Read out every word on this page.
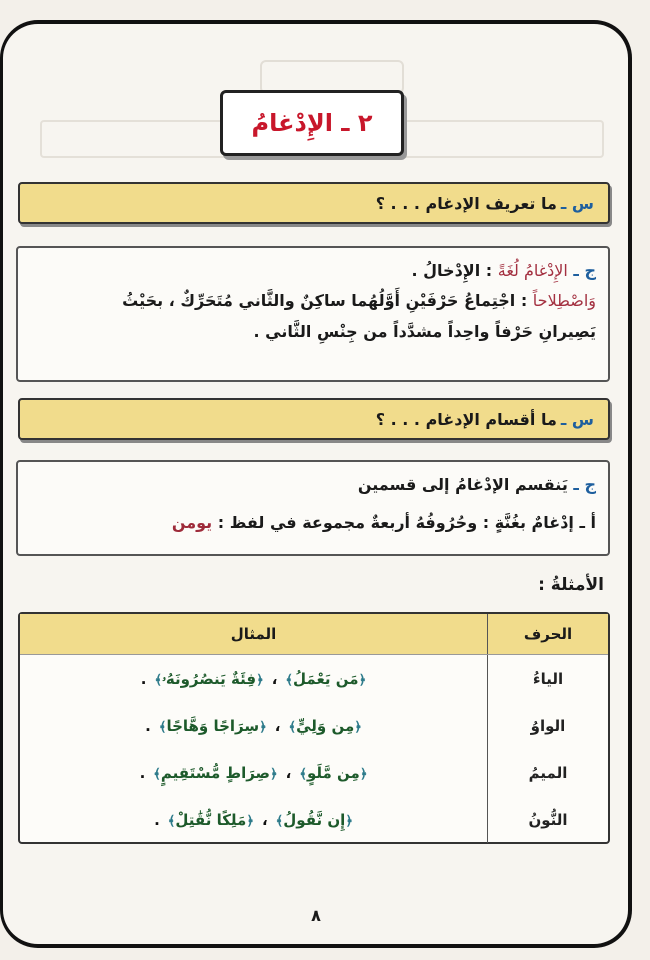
٢ ـ الإِدْغامُ
س ـ
ما تعريف الإدغام . . . ؟
ج ـ الإِدْغامُ لُغَةً : الإِدْخالُ .
وَاصْطِلاحاً : اجْتِماعُ حَرْفَيْنِ أَوَّلُهُما ساكِنٌ والثَّاني مُتَحَرِّكٌ ، بحَيْثُ
يَصِيرانِ حَرْفاً واحِداً مشدَّداً من جِنْسِ الثَّاني .
س ـ
ما أقسام الإدغام . . . ؟
ج ـ يَنقسم الإدْغامُ إلى قسمين
أ ـ إدْغامٌ بغُنَّةٍ : وحُرُوفُهُ أربعةٌ مجموعة في لفظ : يومن
الأمثلةُ :
الحرف
المثال
الياءُ
﴿مَن يَعْمَلُ﴾
،
﴿فِئَةٌ يَنصُرُونَهُۥ﴾
.
الواوُ
﴿مِن وَلِيٍّ﴾
،
﴿سِرَاجًا وَهَّاجًا﴾
.
الميمُ
﴿مِن مَّلَوٍ﴾
،
﴿صِرَاطٍ مُّسْتَقِيمٍ﴾
.
النُّونُ
﴿إِن نَّقُولُ﴾
،
﴿مَلِكًا نُّقَٰتِلْ﴾
.
٨
